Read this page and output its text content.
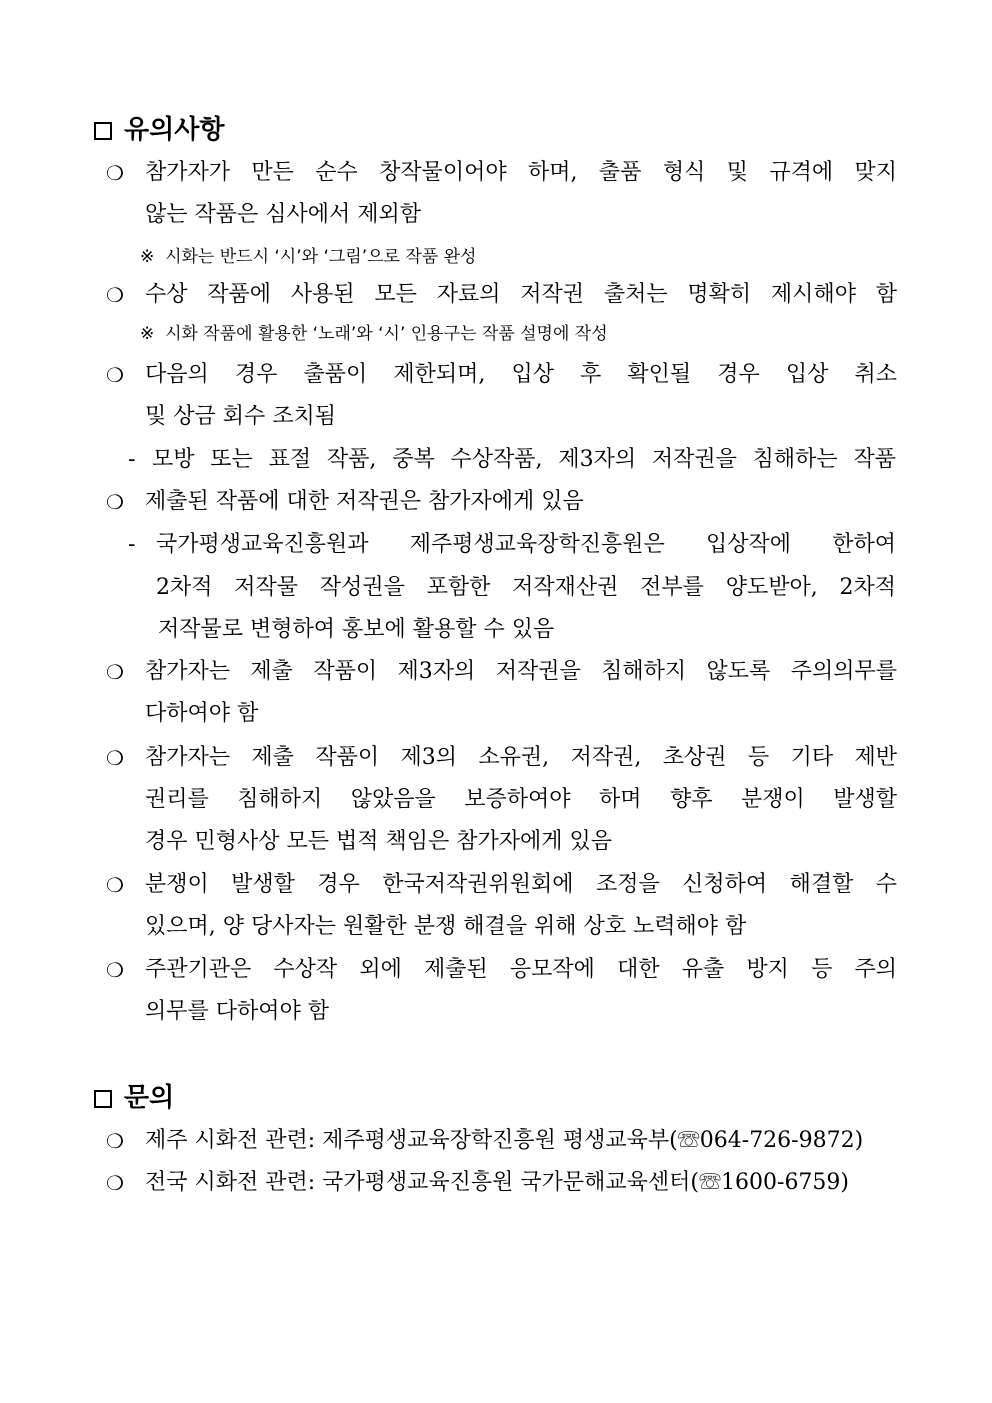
유의사항
❍ 참가자가 만든 순수 창작물이어야 하며, 출품 형식 및 규격에 맞지
않는 작품은 심사에서 제외함
※ 시화는 반드시 ‘시’와 ‘그림’으로 작품 완성
❍ 수상 작품에 사용된 모든 자료의 저작권 출처는 명확히 제시해야 함
※ 시화 작품에 활용한 ‘노래’와 ‘시’ 인용구는 작품 설명에 작성
❍ 다음의 경우 출품이 제한되며, 입상 후 확인될 경우 입상 취소
및 상금 회수 조치됨
- 모방 또는 표절 작품, 중복 수상작품, 제3자의 저작권을 침해하는 작품
❍ 제출된 작품에 대한 저작권은 참가자에게 있음
- 국가평생교육진흥원과 제주평생교육장학진흥원은 입상작에 한하여
2차적 저작물 작성권을 포함한 저작재산권 전부를 양도받아, 2차적
저작물로 변형하여 홍보에 활용할 수 있음
❍ 참가자는 제출 작품이 제3자의 저작권을 침해하지 않도록 주의의무를
다하여야 함
❍ 참가자는 제출 작품이 제3의 소유권, 저작권, 초상권 등 기타 제반
권리를 침해하지 않았음을 보증하여야 하며 향후 분쟁이 발생할
경우 민형사상 모든 법적 책임은 참가자에게 있음
❍ 분쟁이 발생할 경우 한국저작권위원회에 조정을 신청하여 해결할 수
있으며, 양 당사자는 원활한 분쟁 해결을 위해 상호 노력해야 함
❍ 주관기관은 수상작 외에 제출된 응모작에 대한 유출 방지 등 주의
의무를 다하여야 함
문의
❍ 제주 시화전 관련: 제주평생교육장학진흥원 평생교육부(☏064-726-9872)
❍ 전국 시화전 관련: 국가평생교육진흥원 국가문해교육센터(☏1600-6759)
